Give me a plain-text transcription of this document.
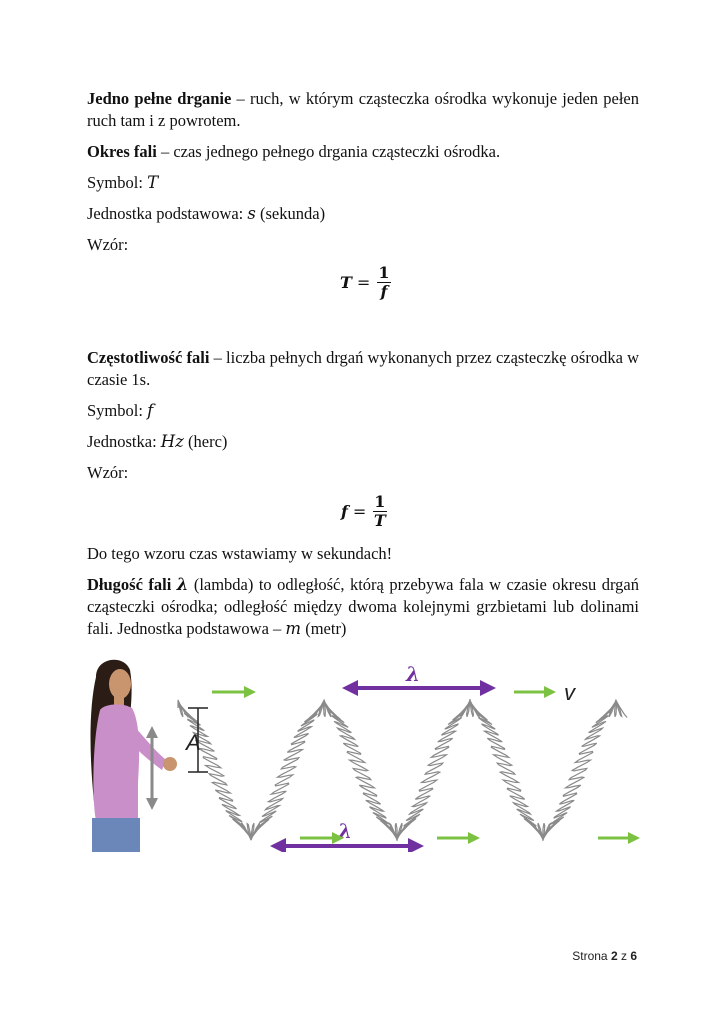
Jedno pełne drganie – ruch, w którym cząsteczka ośrodka wykonuje jeden pełen ruch tam i z powrotem.

Okres fali – czas jednego pełnego drgania cząsteczki ośrodka.

Symbol: T

Jednostka podstawowa: s (sekunda)

Wzór:

$T = \frac{1}{f}$

Częstotliwość fali – liczba pełnych drgań wykonanych przez cząsteczkę ośrodka w czasie 1s.

Symbol: f

Jednostka: Hz (herc)

Wzór:

$f = \frac{1}{T}$

Do tego wzoru czas wstawiamy w sekundach!

Długość fali λ (lambda) to odległość, którą przebywa fala w czasie okresu drgań cząsteczki ośrodka; odległość między dwoma kolejnymi grzbietami lub dolinami fali. Jednostka podstawowa – m (metr)

A
λ
λ
v
Strona 2 z 6
